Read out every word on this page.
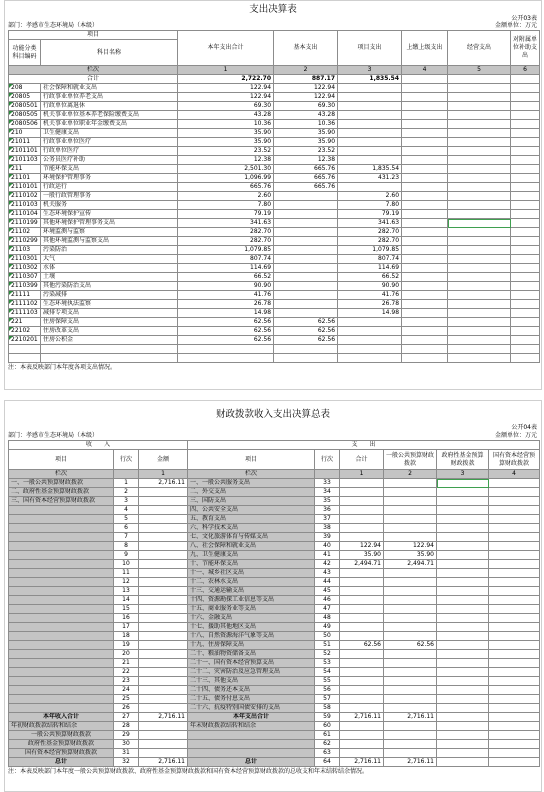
支出决算表
公开03表
部门：孝感市生态环境局（本级）	金额单位：万元
项目		本年支出合计	基本支出	项目支出	上缴上级支出	经营支出	对附属单位补助支出
功能分类科目编码	科目名称						

栏次		1	2	3	4	5	6
合计		2,722.70	887.17	1,835.54			
208	社会保障和就业支出	122.94	122.94				
20805	行政事业单位养老支出	122.94	122.94				
2080501	行政单位离退休	69.30	69.30				
2080505	机关事业单位基本养老保险缴费支出	43.28	43.28				
2080506	机关事业单位职业年金缴费支出	10.36	10.36				
210	卫生健康支出	35.90	35.90				
21011	行政事业单位医疗	35.90	35.90				
2101101	行政单位医疗	23.52	23.52				
2101103	公务员医疗补助	12.38	12.38				
211	节能环保支出	2,501.30	665.76	1,835.54			
21101	环境保护管理事务	1,096.99	665.76	431.23			
2110101	行政运行	665.76	665.76				
2110102	一般行政管理事务	2.60		2.60			
2110103	机关服务	7.80		7.80			
2110104	生态环境保护宣传	79.19		79.19			
2110199	其他环境保护管理事务支出	341.63		341.63			
21102	环境监测与监察	282.70		282.70			
2110299	其他环境监测与监察支出	282.70		282.70			
21103	污染防治	1,079.85		1,079.85			
2110301	大气	807.74		807.74			
2110302	水体	114.69		114.69			
2110307	土壤	66.52		66.52			
2110399	其他污染防治支出	90.90		90.90			
21111	污染减排	41.76		41.76			
2111102	生态环境执法监察	26.78		26.78			
2111103	减排专项支出	14.98		14.98			
221	住房保障支出	62.56	62.56				
22102	住房改革支出	62.56	62.56				
2210201	住房公积金	62.56	62.56				

注：本表反映部门本年度各项支出情况。
财政拨款收入支出决算总表
公开04表
部门：孝感市生态环境局（本级）	金额单位：万元
收　　入			支　　出					
项目	行次	金额	项目	行次	合计	一般公共预算财政拨款	政府性基金预算财政拨款	国有资本经营预算财政拨款
栏次		1	栏次		1	2	3	4
一、一般公共预算财政拨款	1	2,716.11	一、一般公共服务支出	33				
二、政府性基金预算财政拨款	2		二、外交支出	34				
三、国有资本经营预算财政拨款	3		三、国防支出	35				
	4		四、公共安全支出	36				
	5		五、教育支出	37				
	6		六、科学技术支出	38				
	7		七、文化旅游体育与传媒支出	39				
	8		八、社会保障和就业支出	40	122.94	122.94		
	9		九、卫生健康支出	41	35.90	35.90		
	10		十、节能环保支出	42	2,494.71	2,494.71		
	11		十一、城乡社区支出	43				
	12		十二、农林水支出	44				
	13		十三、交通运输支出	45				
	14		十四、资源勘探工业信息等支出	46				
	15		十五、商业服务业等支出	47				
	16		十六、金融支出	48				
	17		十七、援助其他地区支出	49				
	18		十八、自然资源海洋气象等支出	50				
	19		十九、住房保障支出	51	62.56	62.56		
	20		二十、粮油物资储备支出	52				
	21		二十一、国有资本经营预算支出	53				
	22		二十二、灾害防治及应急管理支出	54				
	23		二十三、其他支出	55				
	24		二十四、债务还本支出	56				
	25		二十五、债务付息支出	57				
	26		二十六、抗疫特别国债安排的支出	58				
本年收入合计	27	2,716.11	本年支出合计	59	2,716.11	2,716.11		
年初财政拨款结转和结余	28		年末财政拨款结转和结余	60				
一般公共预算财政拨款	29			61				
政府性基金预算财政拨款	30			62				
国有资本经营预算财政拨款	31			63				
总计	32	2,716.11	总计	64	2,716.11	2,716.11		
注：本表反映部门本年度一般公共预算财政拨款、政府性基金预算财政拨款和国有资本经营预算财政拨款的总收支和年末结转结余情况。
